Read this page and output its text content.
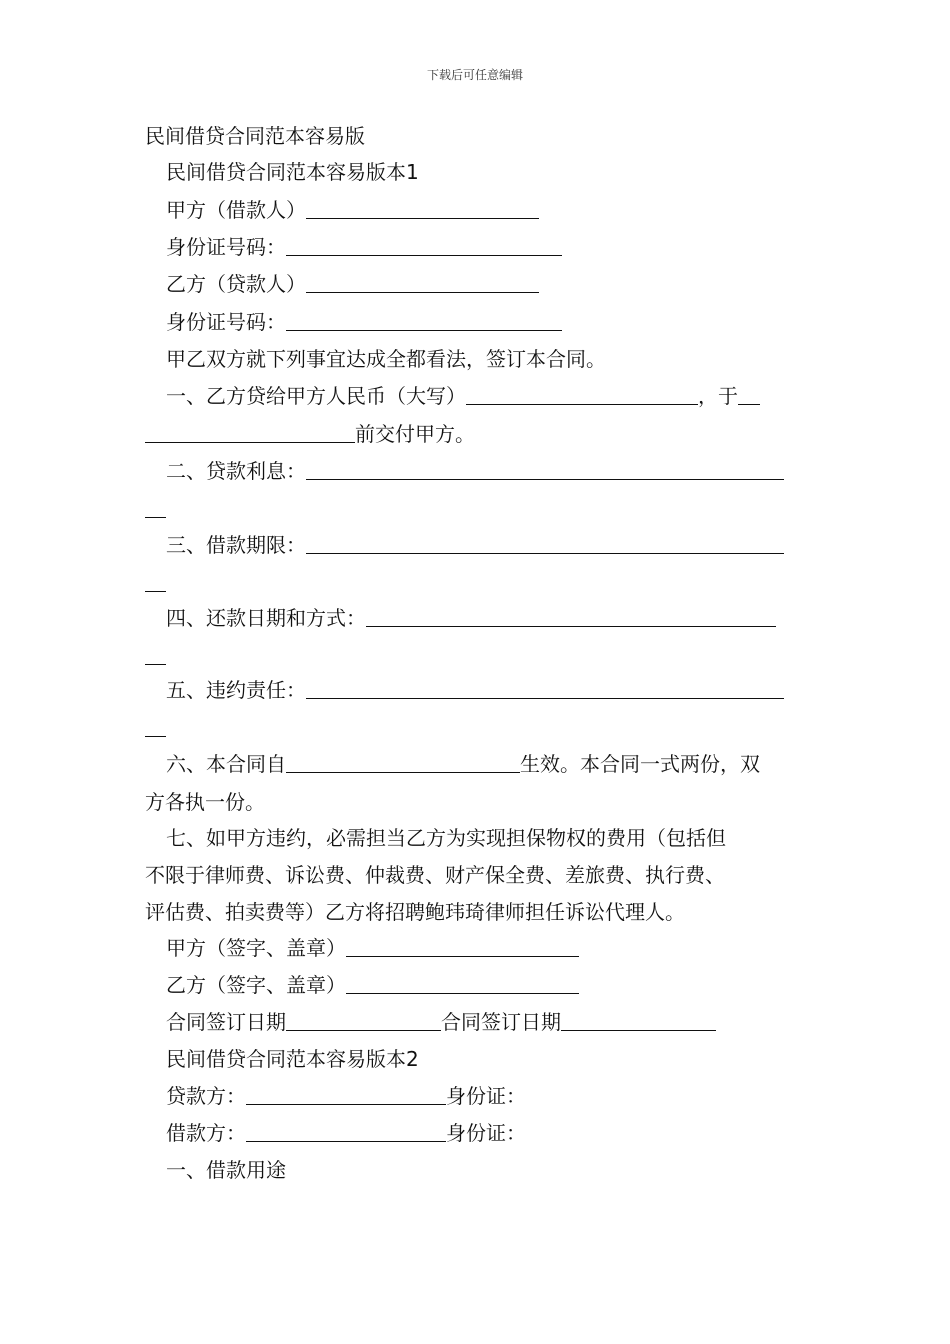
下载后可任意编辑
民间借贷合同范本容易版
民间借贷合同范本容易版本1
甲方（借款人）
身份证号码：
乙方（贷款人）
身份证号码：
甲乙双方就下列事宜达成全都看法，签订本合同。
一、乙方贷给甲方人民币（大写）	，于
前交付甲方。
二、贷款利息：
三、借款期限：
四、还款日期和方式：
五、违约责任：
六、本合同自	生效。本合同一式两份，双
方各执一份。
七、如甲方违约，必需担当乙方为实现担保物权的费用（包括但
不限于律师费、诉讼费、仲裁费、财产保全费、差旅费、执行费、
评估费、拍卖费等）乙方将招聘鲍玮琦律师担任诉讼代理人。
甲方（签字、盖章）
乙方（签字、盖章）
合同签订日期	合同签订日期
民间借贷合同范本容易版本2
贷款方：	身份证：
借款方：	身份证：
一、借款用途
